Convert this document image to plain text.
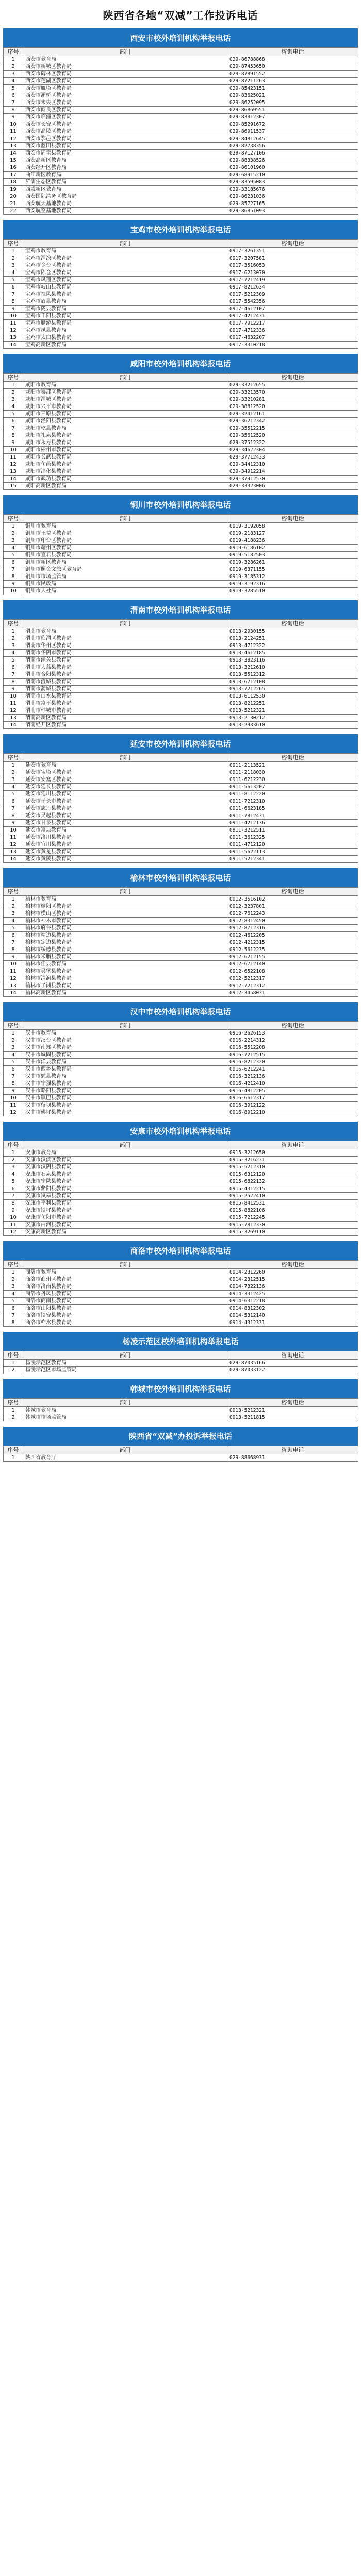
陕西省各地“双减”工作投诉电话
西安市校外培训机构举报电话
序号	部门	咨询电话
1	西安市教育局	029-86788868
2	西安市新城区教育局	029-87453650
3	西安市碑林区教育局	029-87891552
4	西安市莲湖区教育局	029-87211263
5	西安市雁塔区教育局	029-85423151
6	西安市灞桥区教育局	029-83625021
7	西安市未央区教育局	029-86252095
8	西安市阎良区教育局	029-86869551
9	西安市临潼区教育局	029-83812307
10	西安市长安区教育局	029-85291672
11	西安市高陵区教育局	029-86911537
12	西安市鄠邑区教育局	029-84812645
13	西安市蓝田县教育局	029-82738356
14	西安市周至县教育局	029-87127106
15	西安高新区教育局	029-88338526
16	西安经开区教育局	029-86101960
17	曲江新区教育局	029-68915210
18	浐灞生态区教育局	029-83595083
19	西咸新区教育局	029-33185676
20	西安国际港务区教育局	029-86231036
21	西安航天基地教育局	029-85727165
22	西安航空基地教育局	029-86851093
宝鸡市校外培训机构举报电话
序号	部门	咨询电话
1	宝鸡市教育局	0917-3261351
2	宝鸡市渭滨区教育局	0917-3207581
3	宝鸡市金台区教育局	0917-3516053
4	宝鸡市陈仓区教育局	0917-6213070
5	宝鸡市凤翔区教育局	0917-7212419
6	宝鸡市岐山县教育局	0917-8212634
7	宝鸡市扶风县教育局	0917-5212309
8	宝鸡市眉县教育局	0917-5542356
9	宝鸡市陇县教育局	0917-4612107
10	宝鸡市千阳县教育局	0917-4212431
11	宝鸡市麟游县教育局	0917-7912217
12	宝鸡市凤县教育局	0917-4712336
13	宝鸡市太白县教育局	0917-4632207
14	宝鸡高新区教育局	0917-3310218
咸阳市校外培训机构举报电话
序号	部门	咨询电话
1	咸阳市教育局	029-33212655
2	咸阳市秦都区教育局	029-33213570
3	咸阳市渭城区教育局	029-33210281
4	咸阳市兴平市教育局	029-38812520
5	咸阳市三原县教育局	029-32412161
6	咸阳市泾阳县教育局	029-36212342
7	咸阳市乾县教育局	029-35512215
8	咸阳市礼泉县教育局	029-35612520
9	咸阳市永寿县教育局	029-37512322
10	咸阳市彬州市教育局	029-34622304
11	咸阳市长武县教育局	029-37712433
12	咸阳市旬邑县教育局	029-34412310
13	咸阳市淳化县教育局	029-34912214
14	咸阳市武功县教育局	029-37912530
15	咸阳高新区教育局	029-33323006
铜川市校外培训机构举报电话
序号	部门	咨询电话
1	铜川市教育局	0919-3192058
2	铜川市王益区教育局	0919-2183127
3	铜川市印台区教育局	0919-4188236
4	铜川市耀州区教育局	0919-6186102
5	铜川市宜君县教育局	0919-5182503
6	铜川市新区教育局	0919-3286261
7	铜川市照金文旅区教育局	0919-6371155
8	铜川市市场监管局	0919-3185312
9	铜川市民政局	0919-3192316
10	铜川市人社局	0919-3285510
渭南市校外培训机构举报电话
序号	部门	咨询电话
1	渭南市教育局	0913-2930155
2	渭南市临渭区教育局	0913-2124251
3	渭南市华州区教育局	0913-4712322
4	渭南市华阴市教育局	0913-4612185
5	渭南市潼关县教育局	0913-3823116
6	渭南市大荔县教育局	0913-3212610
7	渭南市合阳县教育局	0913-5512312
8	渭南市澄城县教育局	0913-6712108
9	渭南市蒲城县教育局	0913-7212265
10	渭南市白水县教育局	0913-6112530
11	渭南市富平县教育局	0913-8212251
12	渭南市韩城市教育局	0913-5212321
13	渭南高新区教育局	0913-2130212
14	渭南经开区教育局	0913-2933610
延安市校外培训机构举报电话
序号	部门	咨询电话
1	延安市教育局	0911-2113521
2	延安市宝塔区教育局	0911-2118030
3	延安市安塞区教育局	0911-6212230
4	延安市延长县教育局	0911-5613207
5	延安市延川县教育局	0911-8112220
6	延安市子长市教育局	0911-7212310
7	延安市志丹县教育局	0911-6623185
8	延安市吴起县教育局	0911-7812431
9	延安市甘泉县教育局	0911-4212136
10	延安市富县教育局	0911-3212511
11	延安市洛川县教育局	0911-3612325
12	延安市宜川县教育局	0911-4712120
13	延安市黄龙县教育局	0911-5622113
14	延安市黄陵县教育局	0911-5212341
榆林市校外培训机构举报电话
序号	部门	咨询电话
1	榆林市教育局	0912-3516102
2	榆林市榆阳区教育局	0912-3237801
3	榆林市横山区教育局	0912-7612243
4	榆林市神木市教育局	0912-8312450
5	榆林市府谷县教育局	0912-8712316
6	榆林市靖边县教育局	0912-4612205
7	榆林市定边县教育局	0912-4212315
8	榆林市绥德县教育局	0912-5612235
9	榆林市米脂县教育局	0912-6212155
10	榆林市佳县教育局	0912-6712140
11	榆林市吴堡县教育局	0912-6522108
12	榆林市清涧县教育局	0912-5212317
13	榆林市子洲县教育局	0912-7212312
14	榆林高新区教育局	0912-3458031
汉中市校外培训机构举报电话
序号	部门	咨询电话
1	汉中市教育局	0916-2626153
2	汉中市汉台区教育局	0916-2214312
3	汉中市南郑区教育局	0916-5512208
4	汉中市城固县教育局	0916-7212515
5	汉中市洋县教育局	0916-8212320
6	汉中市西乡县教育局	0916-6212241
7	汉中市勉县教育局	0916-3212136
8	汉中市宁强县教育局	0916-4212410
9	汉中市略阳县教育局	0916-4812205
10	汉中市镇巴县教育局	0916-6612317
11	汉中市留坝县教育局	0916-3912122
12	汉中市佛坪县教育局	0916-8912210
安康市校外培训机构举报电话
序号	部门	咨询电话
1	安康市教育局	0915-3212650
2	安康市汉滨区教育局	0915-3216231
3	安康市汉阴县教育局	0915-5212310
4	安康市石泉县教育局	0915-6312120
5	安康市宁陕县教育局	0915-6822132
6	安康市紫阳县教育局	0915-4312215
7	安康市岚皋县教育局	0915-2522410
8	安康市平利县教育局	0915-8412531
9	安康市镇坪县教育局	0915-8822106
10	安康市旬阳市教育局	0915-7212245
11	安康市白河县教育局	0915-7812330
12	安康高新区教育局	0915-3269110
商洛市校外培训机构举报电话
序号	部门	咨询电话
1	商洛市教育局	0914-2312260
2	商洛市商州区教育局	0914-2312515
3	商洛市洛南县教育局	0914-7322136
4	商洛市丹凤县教育局	0914-3312425
5	商洛市商南县教育局	0914-6312218
6	商洛市山阳县教育局	0914-8312302
7	商洛市镇安县教育局	0914-5312140
8	商洛市柞水县教育局	0914-4312331
杨凌示范区校外培训机构举报电话
序号	部门	咨询电话
1	杨凌示范区教育局	029-87035166
2	杨凌示范区市场监管局	029-87033122
韩城市校外培训机构举报电话
序号	部门	咨询电话
1	韩城市教育局	0913-5212321
2	韩城市市场监管局	0913-5211815
陕西省“双减”办投诉举报电话
序号	部门	咨询电话
1	陕西省教育厅	029-88668931
